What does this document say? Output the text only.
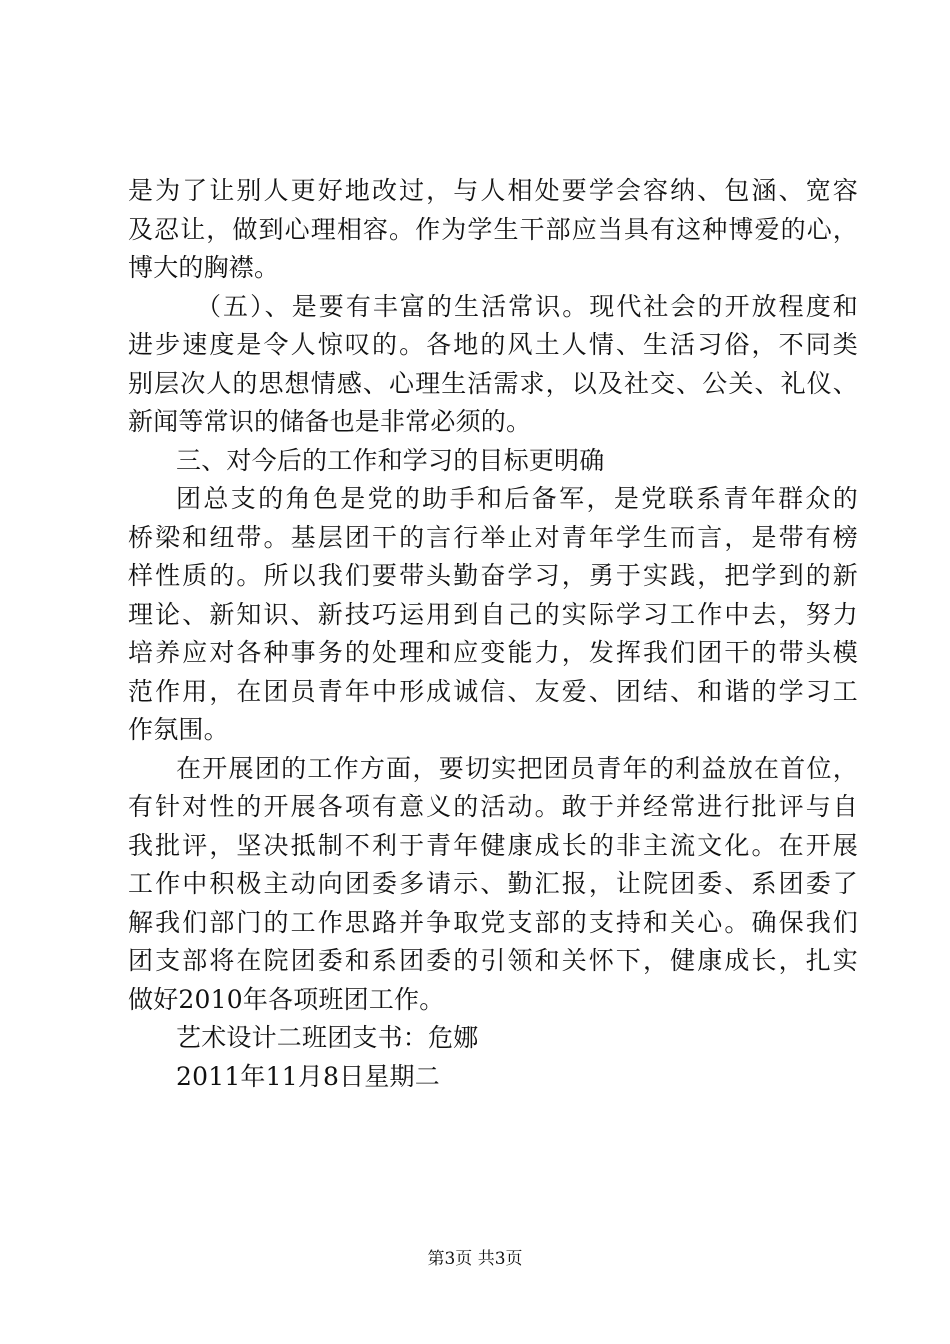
是为了让别人更好地改过，与人相处要学会容纳、包涵、宽容
及忍让，做到心理相容。作为学生干部应当具有这种博爱的心，
博大的胸襟。
（五）、是要有丰富的生活常识。现代社会的开放程度和
进步速度是令人惊叹的。各地的风土人情、生活习俗，不同类
别层次人的思想情感、心理生活需求，以及社交、公关、礼仪、
新闻等常识的储备也是非常必须的。
三、对今后的工作和学习的目标更明确
团总支的角色是党的助手和后备军，是党联系青年群众的
桥梁和纽带。基层团干的言行举止对青年学生而言，是带有榜
样性质的。所以我们要带头勤奋学习，勇于实践，把学到的新
理论、新知识、新技巧运用到自己的实际学习工作中去，努力
培养应对各种事务的处理和应变能力，发挥我们团干的带头模
范作用，在团员青年中形成诚信、友爱、团结、和谐的学习工
作氛围。
在开展团的工作方面，要切实把团员青年的利益放在首位，
有针对性的开展各项有意义的活动。敢于并经常进行批评与自
我批评，坚决抵制不利于青年健康成长的非主流文化。在开展
工作中积极主动向团委多请示、勤汇报，让院团委、系团委了
解我们部门的工作思路并争取党支部的支持和关心。确保我们
团支部将在院团委和系团委的引领和关怀下，健康成长，扎实
做好2010年各项班团工作。
艺术设计二班团支书：危娜
2011年11月8日星期二
第3页 共3页
